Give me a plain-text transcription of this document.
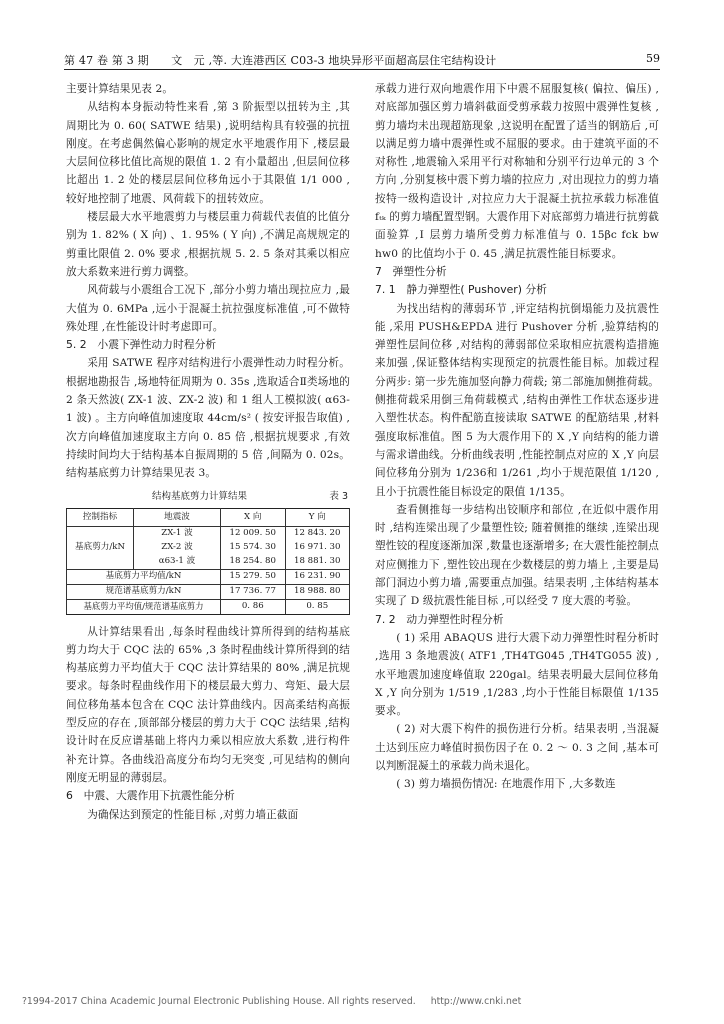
第 47 卷 第 3 期　　文　元 ,等. 大连港西区 C03-3 地块异形平面超高层住宅结构设计	59

主要计算结果见表 2。

从结构本身振动特性来看 ,第 3 阶振型以扭转为主 ,其周期比为 0. 60( SATWE 结果) ,说明结构具有较强的抗扭刚度。在考虑偶然偏心影响的规定水平地震作用下 ,楼层最大层间位移比值比高规的限值 1. 2 有小量超出 ,但层间位移比超出 1. 2 处的楼层层间位移角远小于其限值 1/1 000 ,较好地控制了地震、风荷载下的扭转效应。

楼层最大水平地震剪力与楼层重力荷载代表值的比值分别为 1. 82% ( X 向) 、1. 95% ( Y 向) ,不满足高规规定的剪重比限值 2. 0% 要求 ,根据抗规 5. 2. 5 条对其乘以相应放大系数来进行剪力调整。

风荷载与小震组合工况下 ,部分小剪力墙出现拉应力 ,最大值为 0. 6MPa ,远小于混凝土抗拉强度标准值 ,可不做特殊处理 ,在性能设计时考虑即可。

5. 2　小震下弹性动力时程分析

采用 SATWE 程序对结构进行小震弹性动力时程分析。根据地勘报告 ,场地特征周期为 0. 35s ,选取适合Ⅱ类场地的 2 条天然波( ZX-1 波、ZX-2 波) 和 1 组人工模拟波( α63-1 波) 。主方向峰值加速度取 44cm/s² ( 按安评报告取值) ,次方向峰值加速度取主方向 0. 85 倍 ,根据抗规要求 ,有效持续时间均大于结构基本自振周期的 5 倍 ,间隔为 0. 02s。结构基底剪力计算结果见表 3。

结构基底剪力计算结果	表 3
控制指标	地震波	X 向	Y 向
基底剪力/kN	ZX-1 波	12 009. 50	12 843. 20
	ZX-2 波	15 574. 30	16 971. 30
	α63-1 波	18 254. 80	18 881. 30
基底剪力平均值/kN		15 279. 50	16 231. 90
规范谱基底剪力/kN		17 736. 77	18 988. 80
基底剪力平均值/规范谱基底剪力		0. 86	0. 85

从计算结果看出 ,每条时程曲线计算所得到的结构基底剪力均大于 CQC 法的 65% ,3 条时程曲线计算所得到的结构基底剪力平均值大于 CQC 法计算结果的 80% ,满足抗规要求。每条时程曲线作用下的楼层最大剪力、弯矩、最大层间位移角基本包含在 CQC 法计算曲线内。因高柔结构高振型反应的存在 ,顶部部分楼层的剪力大于 CQC 法结果 ,结构设计时在反应谱基础上将内力乘以相应放大系数 ,进行构件补充计算。各曲线沿高度分布均匀无突变 ,可见结构的侧向刚度无明显的薄弱层。

6　中震、大震作用下抗震性能分析

为确保达到预定的性能目标 ,对剪力墙正截面

承载力进行双向地震作用下中震不屈服复核( 偏拉、偏压) ,对底部加强区剪力墙斜截面受剪承载力按照中震弹性复核 ,剪力墙均未出现超筋现象 ,这说明在配置了适当的钢筋后 ,可以满足剪力墙中震弹性或不屈服的要求。由于建筑平面的不对称性 ,地震输入采用平行对称轴和分别平行边单元的 3 个方向 ,分别复核中震下剪力墙的拉应力 ,对出现拉力的剪力墙按特一级构造设计 ,对拉应力大于混凝土抗拉承载力标准值 fₜₖ 的剪力墙配置型钢。大震作用下对底部剪力墙进行抗剪截面验算 ,Ⅰ 层剪力墙所受剪力标准值与 0. 15βc fck bw hw0 的比值均小于 0. 45 ,满足抗震性能目标要求。

7　弹塑性分析

7. 1　静力弹塑性( Pushover) 分析

为找出结构的薄弱环节 ,评定结构抗倒塌能力及抗震性能 ,采用 PUSH&EPDA 进行 Pushover 分析 ,验算结构的弹塑性层间位移 ,对结构的薄弱部位采取相应抗震构造措施来加强 ,保证整体结构实现预定的抗震性能目标。加载过程分两步: 第一步先施加竖向静力荷载; 第二部施加侧推荷载。侧推荷载采用倒三角荷载模式 ,结构由弹性工作状态逐步进入塑性状态。构件配筋直接读取 SATWE 的配筋结果 ,材料强度取标准值。图 5 为大震作用下的 X ,Y 向结构的能力谱与需求谱曲线。分析曲线表明 ,性能控制点对应的 X ,Y 向层间位移角分别为 1/236和 1/261 ,均小于规范限值 1/120 ,且小于抗震性能目标设定的限值 1/135。

查看侧推每一步结构出铰顺序和部位 ,在近似中震作用时 ,结构连梁出现了少量塑性铰; 随着侧推的继续 ,连梁出现塑性铰的程度逐渐加深 ,数量也逐渐增多; 在大震性能控制点对应侧推力下 ,塑性铰出现在少数楼层的剪力墙上 ,主要是局部门洞边小剪力墙 ,需要重点加强。结果表明 ,主体结构基本实现了 D 级抗震性能目标 ,可以经受 7 度大震的考验。

7. 2　动力弹塑性时程分析

( 1) 采用 ABAQUS 进行大震下动力弹塑性时程分析时 ,选用 3 条地震波( ATF1 ,TH4TG045 ,TH4TG055 波) ,水平地震加速度峰值取 220gal。结果表明最大层间位移角 X ,Y 向分别为 1/519 ,1/283 ,均小于性能目标限值 1/135 要求。

( 2) 对大震下构件的损伤进行分析。结果表明 ,当混凝土达到压应力峰值时损伤因子在 0. 2 ～ 0. 3 之间 ,基本可以判断混凝土的承载力尚未退化。

( 3) 剪力墙损伤情况: 在地震作用下 ,大多数连

?1994-2017 China Academic Journal Electronic Publishing House. All rights reserved. http://www.cnki.net
